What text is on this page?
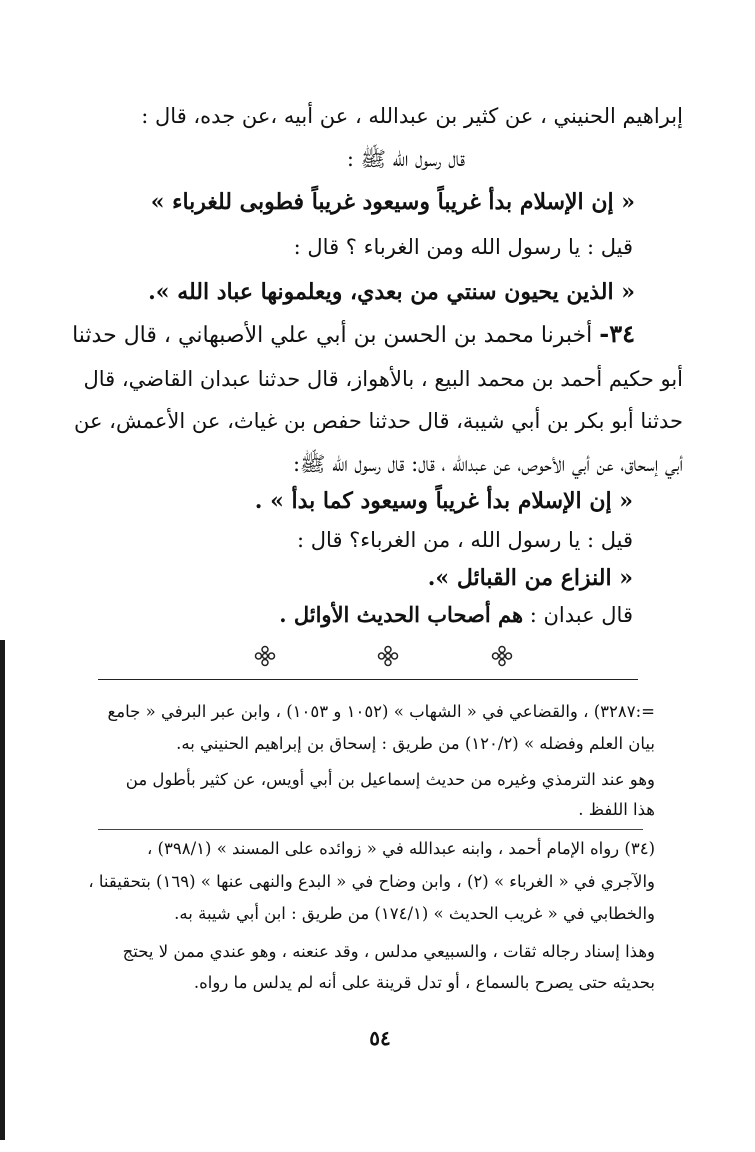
إبراهيم الحنيني ، عن كثير بن عبدالله ، عن أبيه ،عن جده، قال :
قال رسول الله ﷺ :
« إن الإسلام بدأ غريباً وسيعود غريباً فطوبى للغرباء »
قيل : يا رسول الله ومن الغرباء ؟ قال :
« الذين يحيون سنتي من بعدي، ويعلمونها عباد الله ».
٣٤- أخبرنا محمد بن الحسن بن أبي علي الأصبهاني ، قال حدثنا
أبو حكيم أحمد بن محمد البيع ، بالأهواز، قال حدثنا عبدان القاضي، قال
حدثنا أبو بكر بن أبي شيبة، قال حدثنا حفص بن غياث، عن الأعمش، عن
أبي إسحاق، عن أبي الأحوص، عن عبدالله ، قال: قال رسول الله ﷺ:
« إن الإسلام بدأ غريباً وسيعود كما بدأ » .
قيل : يا رسول الله ، من الغرباء؟ قال :
« النزاع من القبائل ».
قال عبدان : هم أصحاب الحديث الأوائل .
=:٣٢٨٧) ، والقضاعي في « الشهاب » (١٠٥٢ و ١٠٥٣) ، وابن عبر البرفي « جامع
بيان العلم وفضله » (١٢٠/٢) من طريق : إسحاق بن إبراهيم الحنيني به.
وهو عند الترمذي وغيره من حديث إسماعيل بن أبي أويس، عن كثير بأطول من
هذا اللفظ .
(٣٤) رواه الإمام أحمد ، وابنه عبدالله في « زوائده على المسند » (٣٩٨/١) ،
والآجري في « الغرباء » (٢) ، وابن وضاح في « البدع والنهى عنها » (١٦٩) بتحقيقنا ،
والخطابي في « غريب الحديث » (١٧٤/١) من طريق : ابن أبي شيبة به.
وهذا إسناد رجاله ثقات ، والسبيعي مدلس ، وقد عنعنه ، وهو عندي ممن لا يحتج
بحديثه حتى يصرح بالسماع ، أو تدل قرينة على أنه لم يدلس ما رواه.
٥٤
